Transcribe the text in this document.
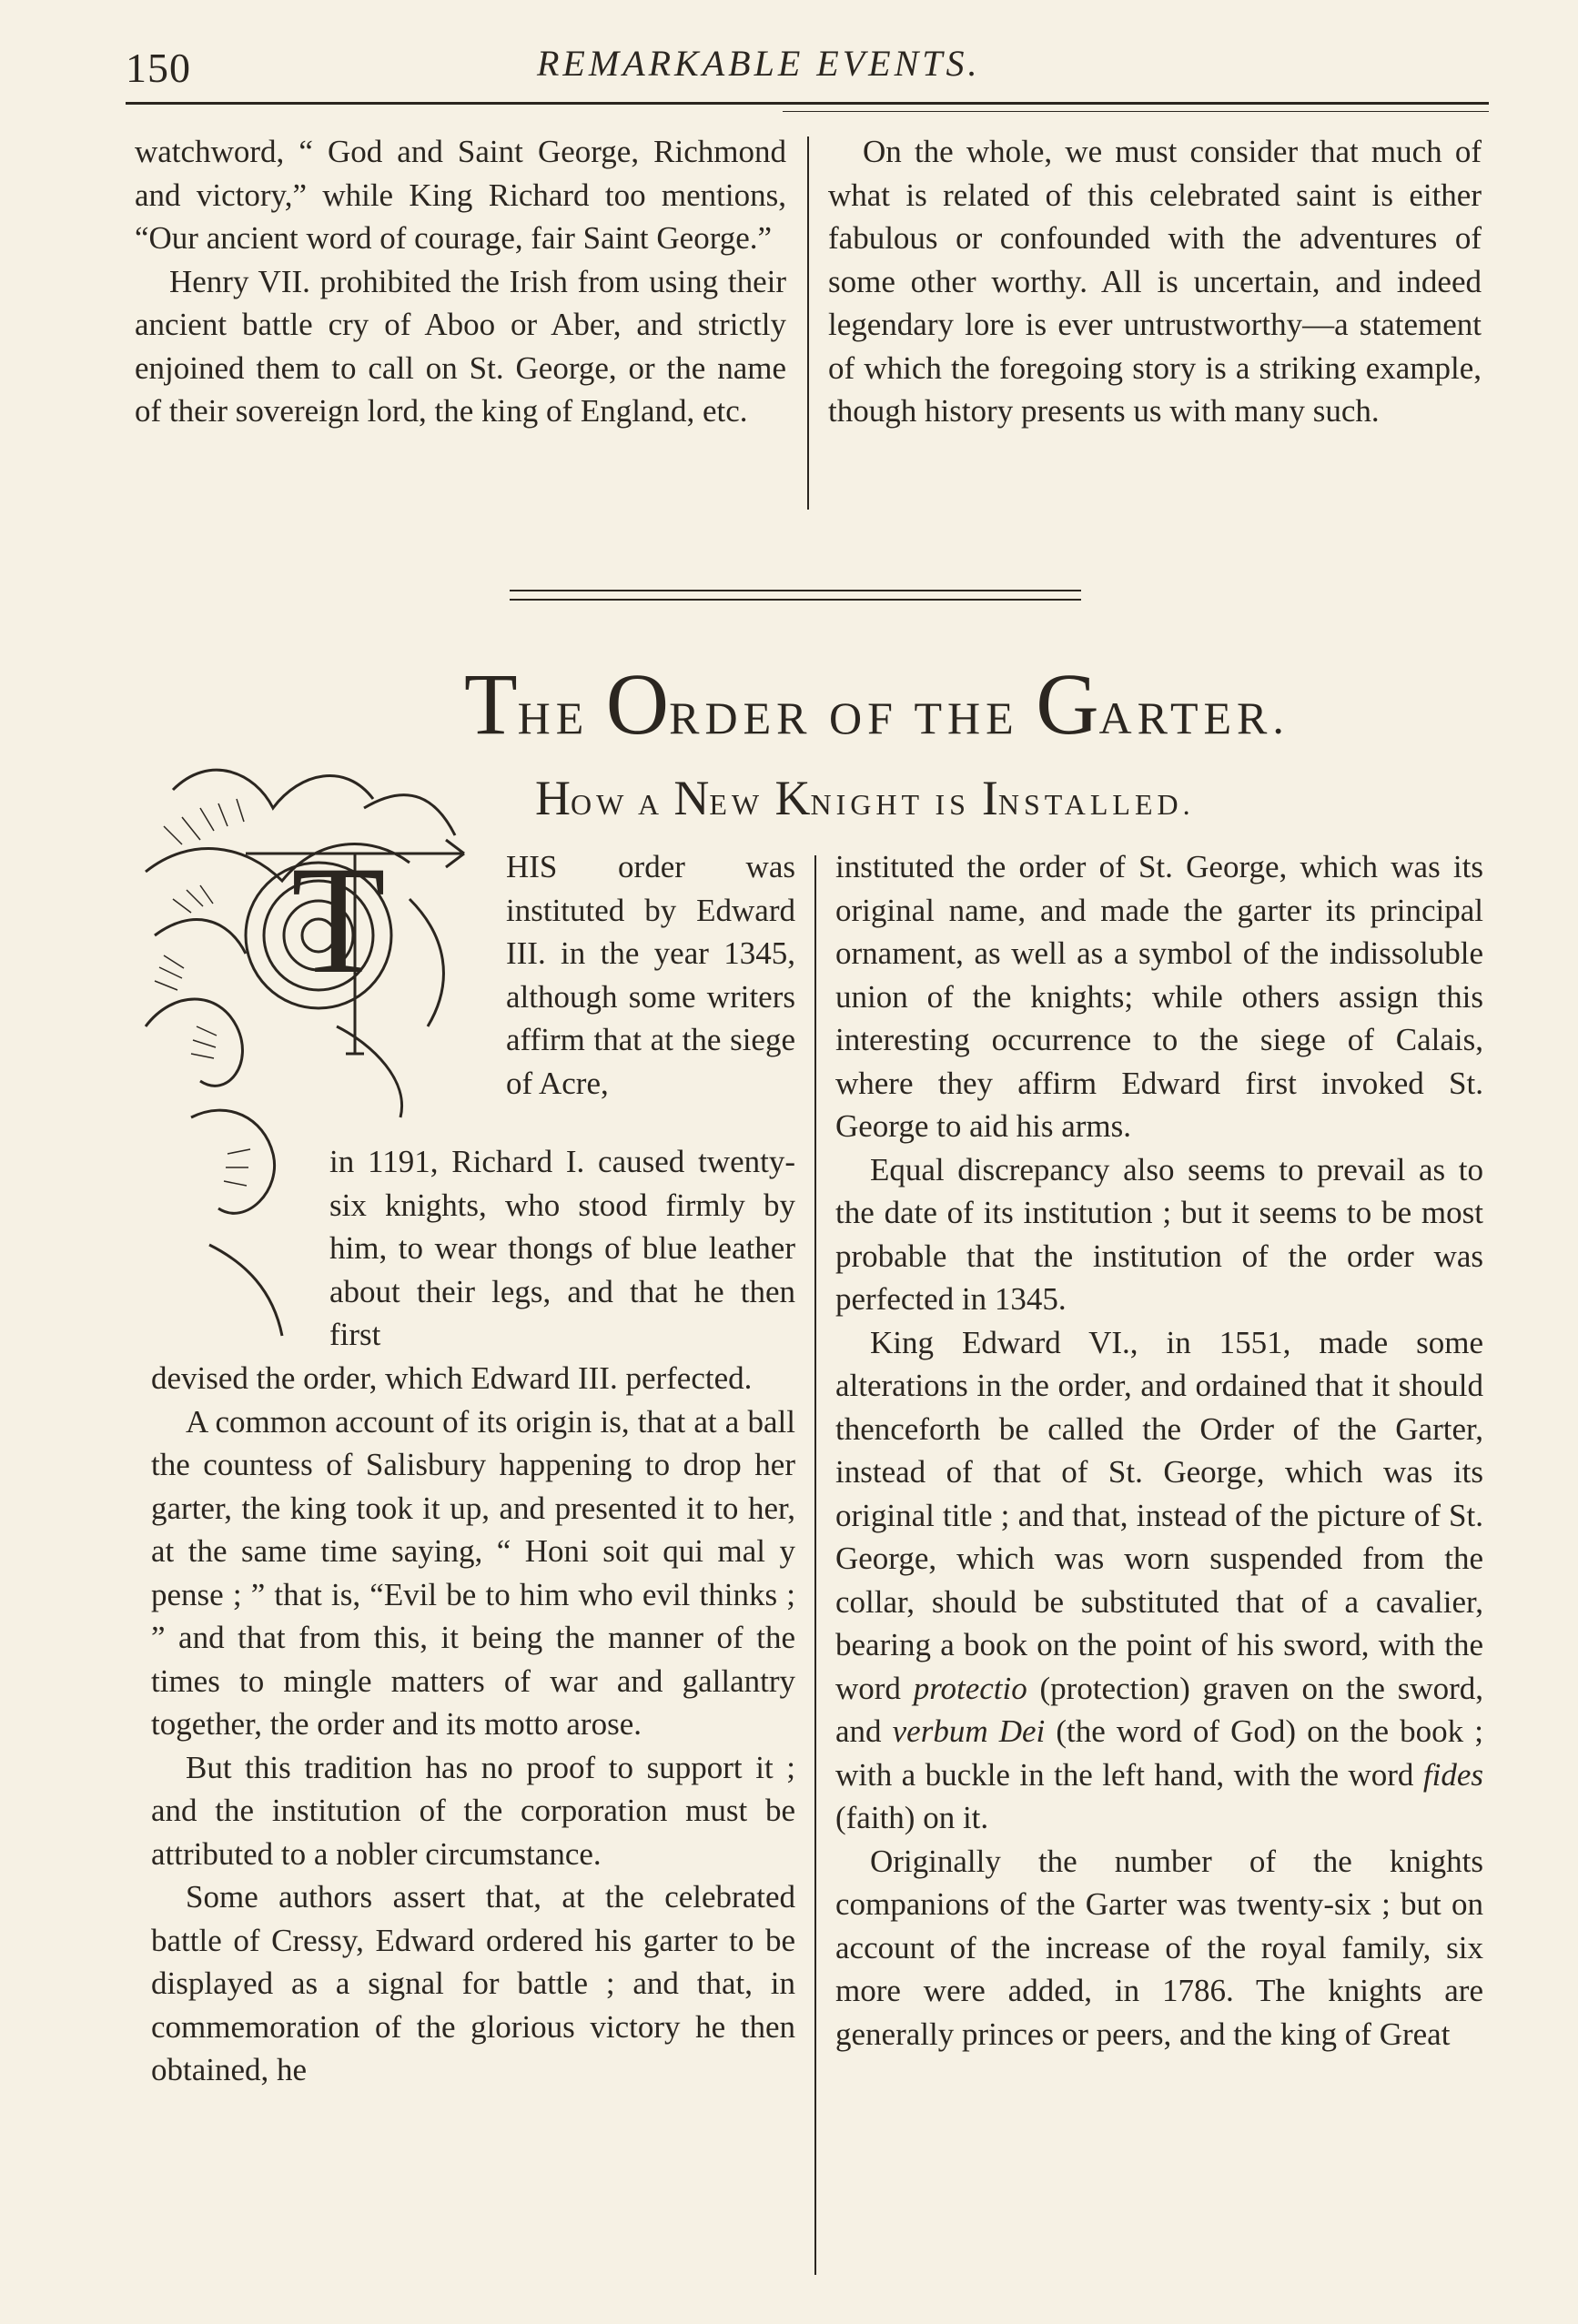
150	REMARKABLE EVENTS.

watchword, “ God and Saint George, Richmond and victory,” while King Richard too mentions, “Our ancient word of courage, fair Saint George.”

Henry VII. prohibited the Irish from using their ancient battle cry of Aboo or Aber, and strictly enjoined them to call on St. George, or the name of their sovereign lord, the king of England, etc.

On the whole, we must consider that much of what is related of this celebrated saint is either fabulous or confounded with the adventures of some other worthy. All is uncertain, and indeed legendary lore is ever untrustworthy—a statement of which the foregoing story is a striking example, though history presents us with many such.

THE ORDER OF THE GARTER.
HOW A NEW KNIGHT IS INSTALLED.
T	HIS order was instituted by Edward III. in the year 1345, although some writers affirm that at the siege of Acre,

in 1191, Richard I. caused twenty-six knights, who stood firmly by him, to wear thongs of blue leather about their legs, and that he then first

devised the order, which Edward III. perfected.

A common account of its origin is, that at a ball the countess of Salisbury happening to drop her garter, the king took it up, and presented it to her, at the same time saying, “ Honi soit qui mal y pense ; ” that is, “Evil be to him who evil thinks ; ” and that from this, it being the manner of the times to mingle matters of war and gallantry together, the order and its motto arose.

But this tradition has no proof to support it ; and the institution of the corporation must be attributed to a nobler circumstance.

Some authors assert that, at the celebrated battle of Cressy, Edward ordered his garter to be displayed as a signal for battle ; and that, in commemoration of the glorious victory he then obtained, he

instituted the order of St. George, which was its original name, and made the garter its principal ornament, as well as a symbol of the indissoluble union of the knights; while others assign this interesting occurrence to the siege of Calais, where they affirm Edward first invoked St. George to aid his arms.

Equal discrepancy also seems to prevail as to the date of its institution ; but it seems to be most probable that the institution of the order was perfected in 1345.

King Edward VI., in 1551, made some alterations in the order, and ordained that it should thenceforth be called the Order of the Garter, instead of that of St. George, which was its original title ; and that, instead of the picture of St. George, which was worn suspended from the collar, should be substituted that of a cavalier, bearing a book on the point of his sword, with the word protectio (protection) graven on the sword, and verbum Dei (the word of God) on the book ; with a buckle in the left hand, with the word fides (faith) on it.

Originally the number of the knights companions of the Garter was twenty-six ; but on account of the increase of the royal family, six more were added, in 1786. The knights are generally princes or peers, and the king of Great
